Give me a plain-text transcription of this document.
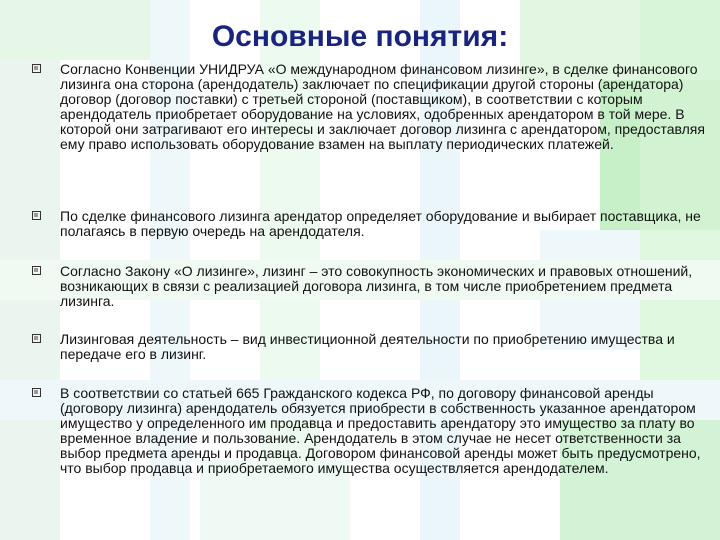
Основные понятия:
Согласно Конвенции УНИДРУА «О международном финансовом лизинге», в сделке финансового лизинга она сторона (арендодатель) заключает по спецификации другой стороны (арендатора) договор (договор поставки) с третьей стороной (поставщиком), в соответствии с которым арендодатель приобретает оборудование на условиях, одобренных арендатором в той мере. В которой они затрагивают его интересы и заключает договор лизинга с арендатором, предоставляя ему право использовать оборудование взамен на выплату периодических платежей.
По сделке финансового лизинга арендатор определяет оборудование и выбирает поставщика, не полагаясь в первую очередь на арендодателя.
Согласно Закону «О лизинге», лизинг – это совокупность экономических и правовых отношений, возникающих в связи с реализацией договора лизинга, в том числе приобретением предмета лизинга.
Лизинговая деятельность – вид инвестиционной деятельности по приобретению имущества и передаче его в лизинг.
В соответствии со статьей 665 Гражданского кодекса РФ, по договору финансовой аренды (договору лизинга) арендодатель обязуется приобрести в собственность указанное арендатором имущество у определенного им продавца и предоставить арендатору это имущество за плату во временное владение и пользование. Арендодатель в этом случае не несет ответственности за выбор предмета аренды и продавца. Договором финансовой аренды может быть предусмотрено, что выбор продавца и приобретаемого имущества осуществляется арендодателем.
